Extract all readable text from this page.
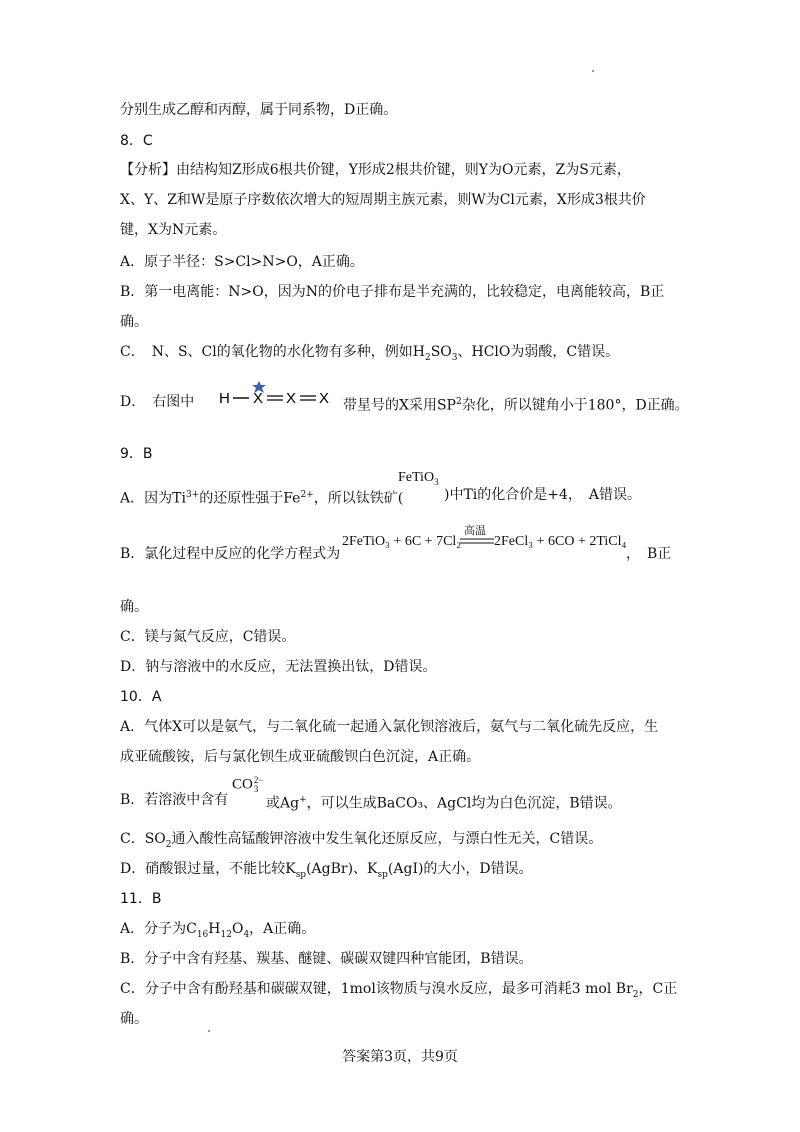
分别生成乙醇和丙醇，属于同系物，D正确。
8．C
【分析】由结构知Z形成6根共价键，Y形成2根共价键，则Y为O元素，Z为S元素，
X、Y、Z和W是原子序数依次增大的短周期主族元素，则W为Cl元素，X形成3根共价
键，X为N元素。
A．原子半径：S>Cl>N>O，A正确。
B．第一电离能：N>O，因为N的价电子排布是半充满的，比较稳定，电离能较高，B正
确。
C．　N、S、Cl的氧化物的水化物有多种，例如$H_2SO_3$、HClO为弱酸，C错误。
D．　右图中 H X X X 带星号的X采用$SP^2$杂化，所以键角小于180°，D正确。
9．B
A．因为$Ti^{3+}$的还原性强于$Fe^{2+}$，所以钛铁矿(
FeTiO$_3$
)中Ti的化合价是+4，　A错误。
B．氯化过程中反应的化学方程式为
2FeTiO₃ + 6C + 7Cl₂
高温
2FeCl₃ + 6CO + 2TiCl₄
，　B正
确。
C．镁与氮气反应，C错误。
D．钠与溶液中的水反应，无法置换出钛，D错误。
10．A
A．气体X可以是氨气，与二氧化硫一起通入氯化钡溶液后，氨气与二氧化硫先反应，生
成亚硫酸铵，后与氯化钡生成亚硫酸钡白色沉淀，A正确。
B．若溶液中含有
CO 2−
3
或Ag+，可以生成BaCO₃、AgCl均为白色沉淀，B错误。
C．$SO_2$通入酸性高锰酸钾溶液中发生氧化还原反应，与漂白性无关，C错误。
D．硝酸银过量，不能比较$K_{sp}(AgBr)$、$K_{sp}(AgI)$的大小，D错误。
11．B
A．分子为$C_{16}H_{12}O_4$，A正确。
B．分子中含有羟基、羰基、醚键、碳碳双键四种官能团，B错误。
C．分子中含有酚羟基和碳碳双键，1mol该物质与溴水反应，最多可消耗3 mol $Br_2$，C正
确。
答案第3页，共9页
